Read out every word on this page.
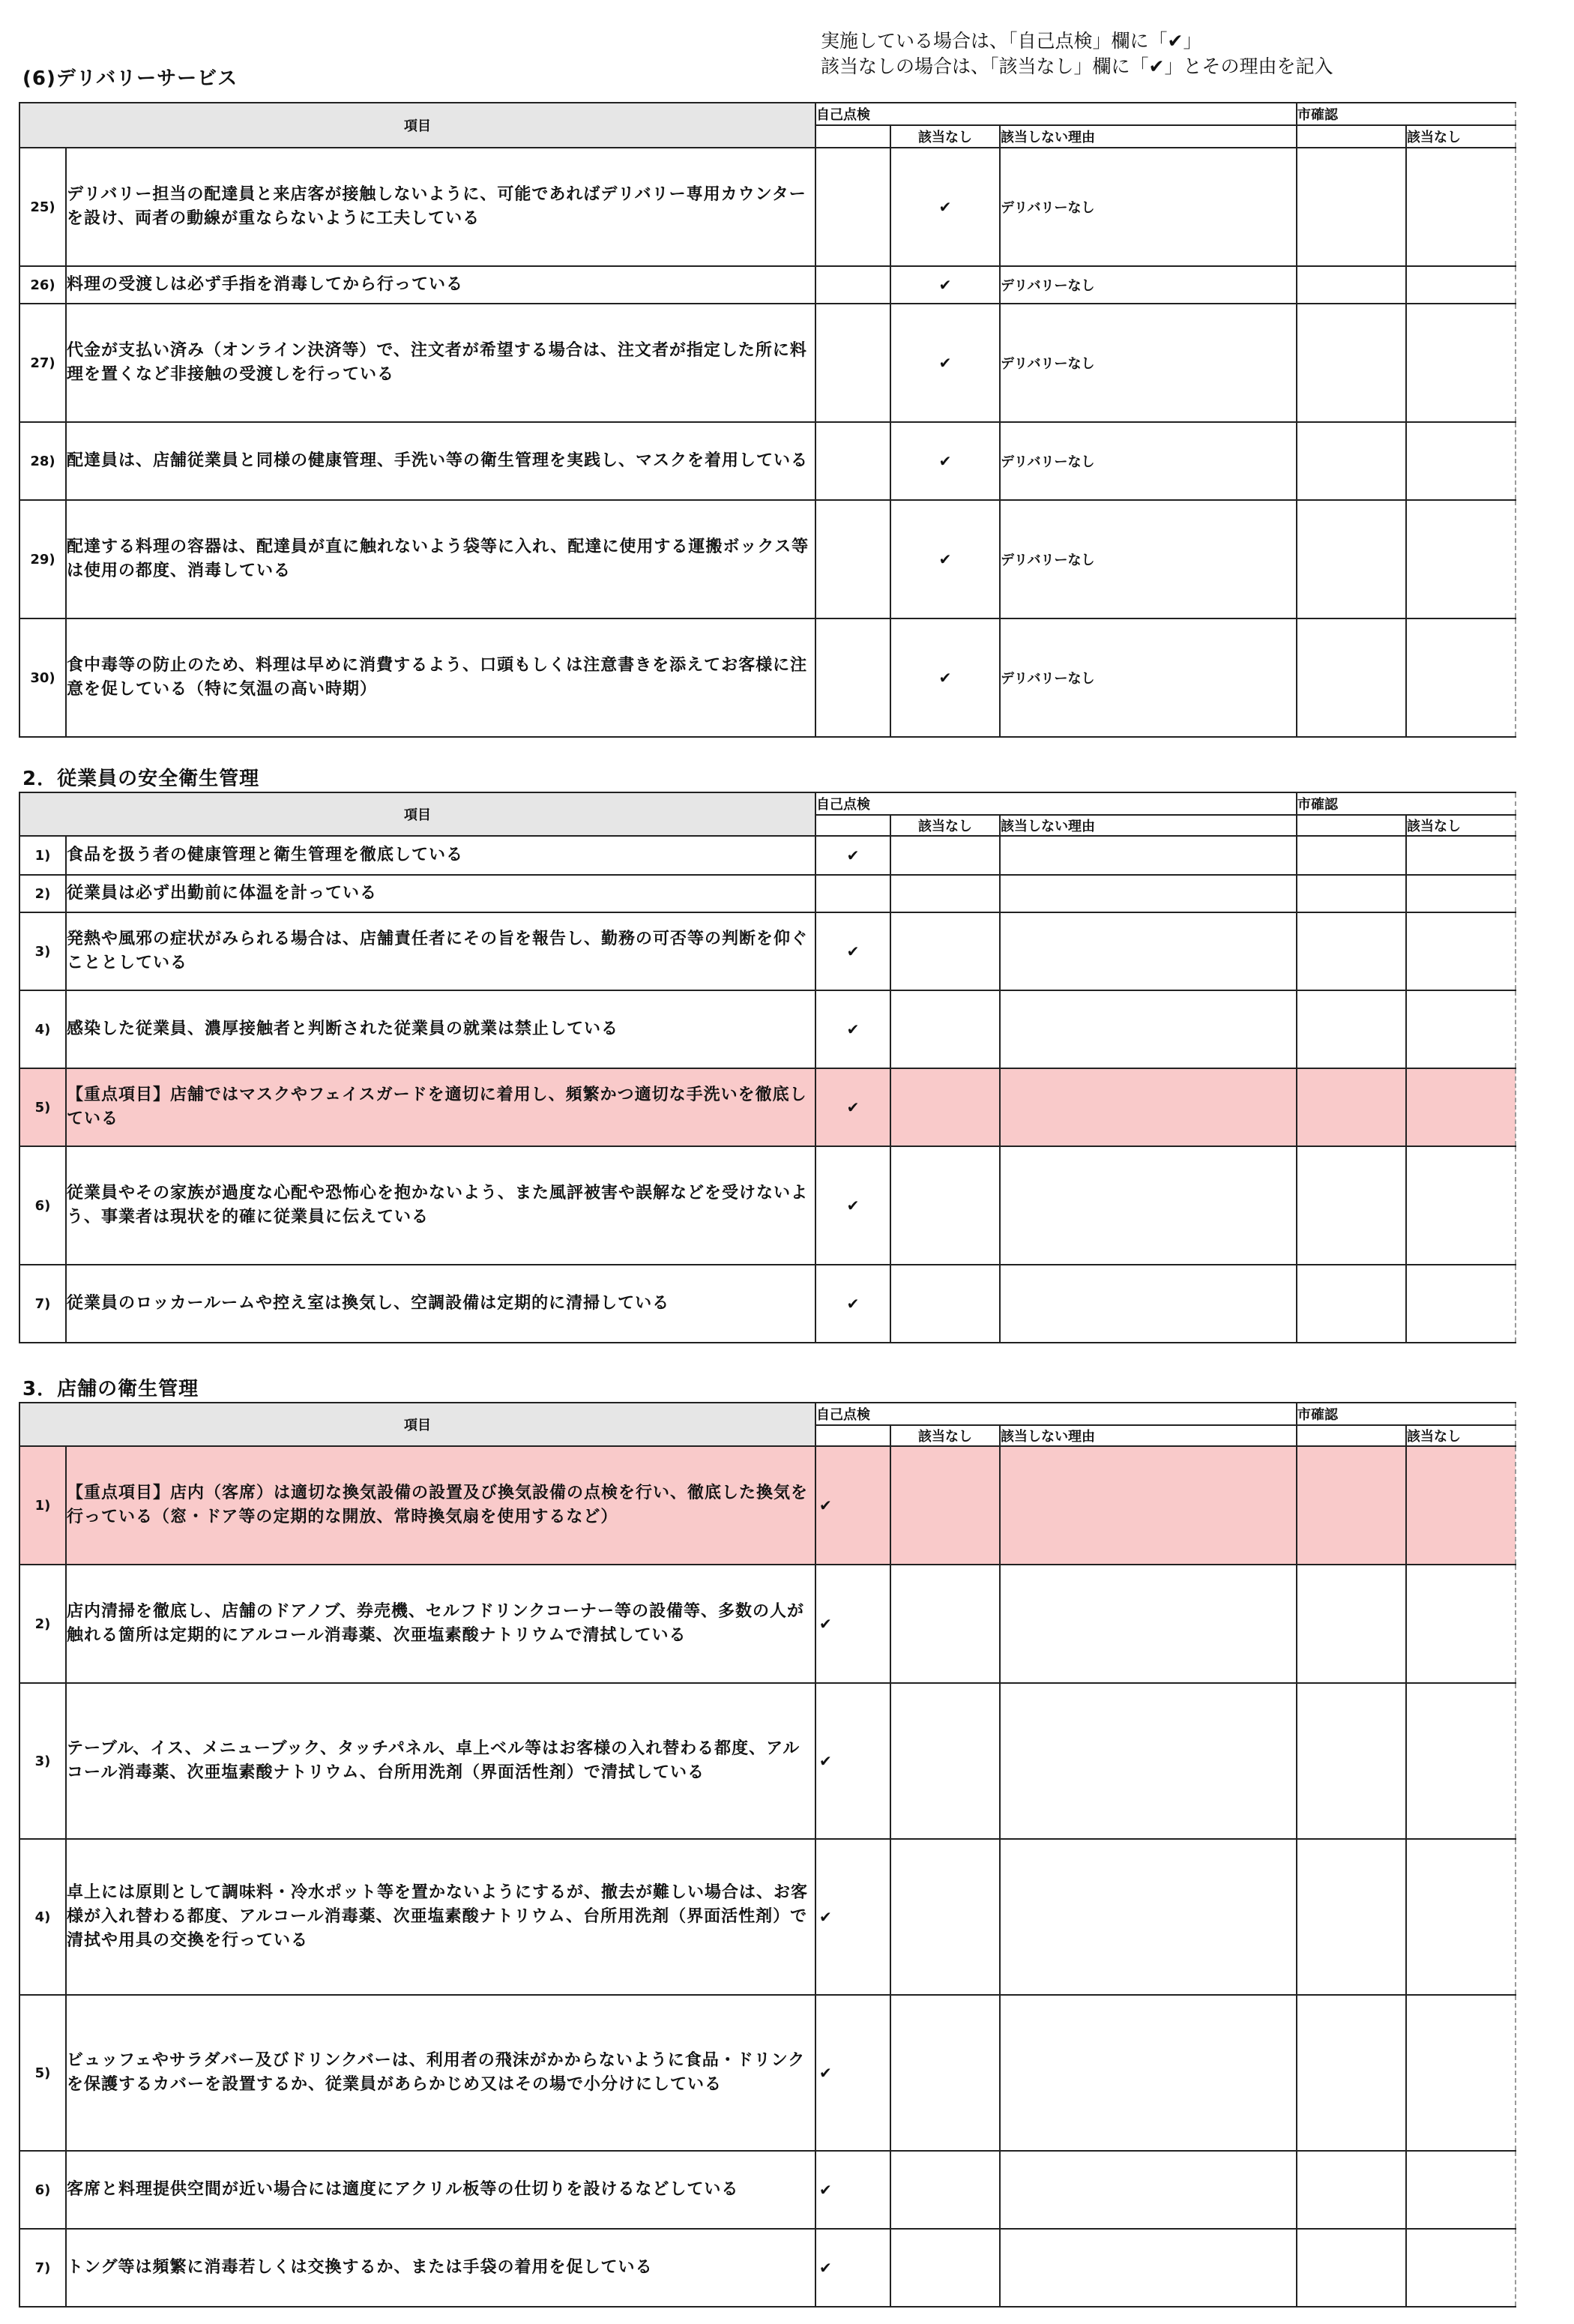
実施している場合は、「自己点検」欄に「✔」
該当なしの場合は、「該当なし」欄に「✔」とその理由を記入
(6)デリバリーサービス
項目		自己点検			市確認	
			該当なし	該当しない理由		該当なし
25)	デリバリー担当の配達員と来店客が接触しないように、可能であればデリバリー専用カウンターを設け、両者の動線が重ならないように工夫している		✔	デリバリーなし		
26)	料理の受渡しは必ず手指を消毒してから行っている		✔	デリバリーなし		
27)	代金が支払い済み（オンライン決済等）で、注文者が希望する場合は、注文者が指定した所に料理を置くなど非接触の受渡しを行っている		✔	デリバリーなし		
28)	配達員は、店舗従業員と同様の健康管理、手洗い等の衛生管理を実践し、マスクを着用している		✔	デリバリーなし		
29)	配達する料理の容器は、配達員が直に触れないよう袋等に入れ、配達に使用する運搬ボックス等は使用の都度、消毒している		✔	デリバリーなし		
30)	食中毒等の防止のため、料理は早めに消費するよう、口頭もしくは注意書きを添えてお客様に注意を促している（特に気温の高い時期）		✔	デリバリーなし		
2．従業員の安全衛生管理
項目		自己点検			市確認	
			該当なし	該当しない理由		該当なし
1)	食品を扱う者の健康管理と衛生管理を徹底している	✔				
2)	従業員は必ず出勤前に体温を計っている					
3)	発熱や風邪の症状がみられる場合は、店舗責任者にその旨を報告し、勤務の可否等の判断を仰ぐこととしている	✔				
4)	感染した従業員、濃厚接触者と判断された従業員の就業は禁止している	✔				
5)	【重点項目】店舗ではマスクやフェイスガードを適切に着用し、頻繁かつ適切な手洗いを徹底している	✔				
6)	従業員やその家族が過度な心配や恐怖心を抱かないよう、また風評被害や誤解などを受けないよう、事業者は現状を的確に従業員に伝えている	✔				
7)	従業員のロッカールームや控え室は換気し、空調設備は定期的に清掃している	✔				
3．店舗の衛生管理
項目		自己点検			市確認	
			該当なし	該当しない理由		該当なし
1)	【重点項目】店内（客席）は適切な換気設備の設置及び換気設備の点検を行い、徹底した換気を行っている（窓・ドア等の定期的な開放、常時換気扇を使用するなど）	✔				
2)	店内清掃を徹底し、店舗のドアノブ、券売機、セルフドリンクコーナー等の設備等、多数の人が触れる箇所は定期的にアルコール消毒薬、次亜塩素酸ナトリウムで清拭している	✔				
3)	テーブル、イス、メニューブック、タッチパネル、卓上ベル等はお客様の入れ替わる都度、アルコール消毒薬、次亜塩素酸ナトリウム、台所用洗剤（界面活性剤）で清拭している	✔				
4)	卓上には原則として調味料・冷水ポット等を置かないようにするが、撤去が難しい場合は、お客様が入れ替わる都度、アルコール消毒薬、次亜塩素酸ナトリウム、台所用洗剤（界面活性剤）で清拭や用具の交換を行っている	✔				
5)	ビュッフェやサラダバー及びドリンクバーは、利用者の飛沫がかからないように食品・ドリンクを保護するカバーを設置するか、従業員があらかじめ又はその場で小分けにしている	✔				
6)	客席と料理提供空間が近い場合には適度にアクリル板等の仕切りを設けるなどしている	✔				
7)	トング等は頻繁に消毒若しくは交換するか、または手袋の着用を促している	✔				
